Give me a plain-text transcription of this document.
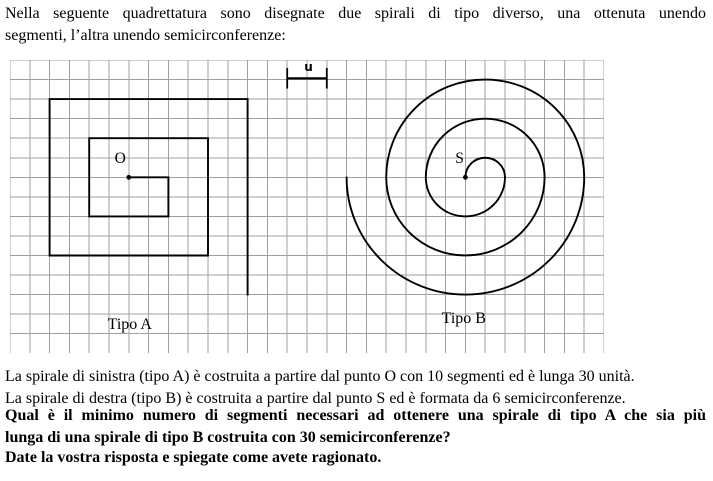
Nella seguente quadrettatura sono disegnate due spirali di tipo diverso, una ottenuta unendo
segmenti, l’altra unendo semicirconferenze:
O	S
u
Tipo A	Tipo B
La spirale di sinistra (tipo A) è costruita a partire dal punto O con 10 segmenti ed è lunga 30 unità.
La spirale di destra (tipo B) è costruita a partire dal punto S ed è formata da 6 semicirconferenze.
Qual è il minimo numero di segmenti necessari ad ottenere una spirale di tipo A che sia più
lunga di una spirale di tipo B costruita con 30 semicirconferenze?
Date la vostra risposta e spiegate come avete ragionato.
